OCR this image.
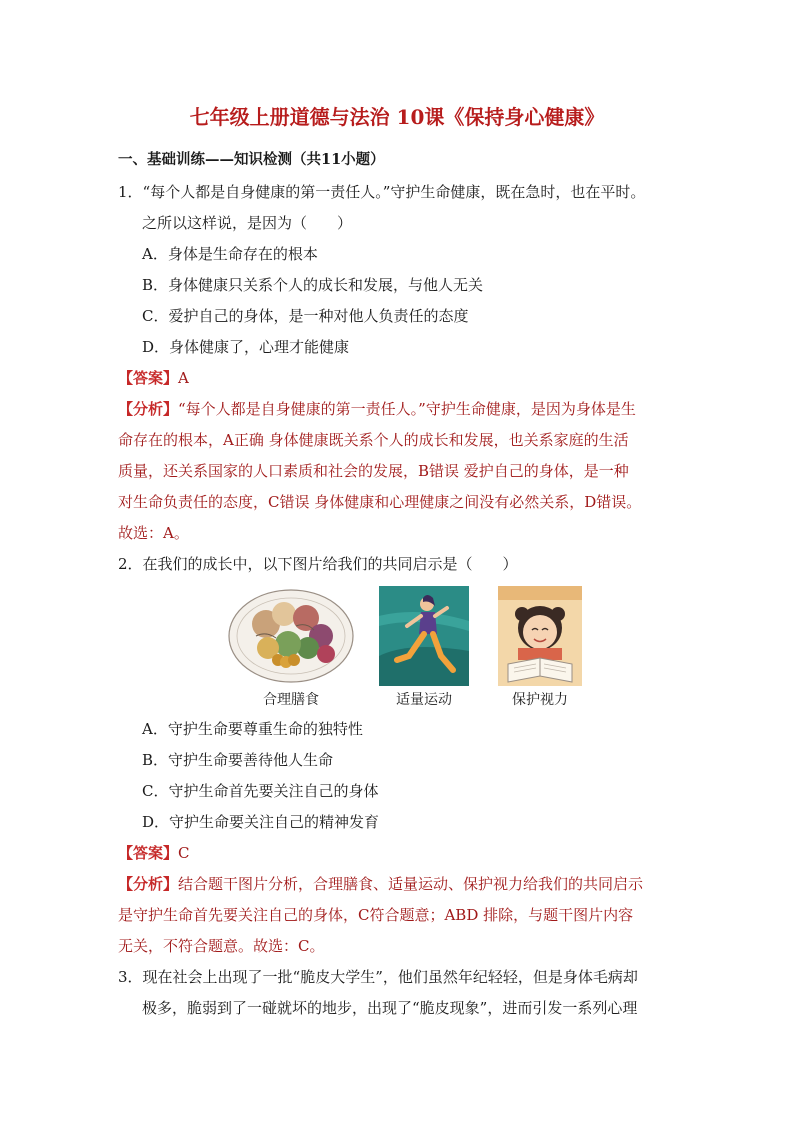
七年级上册道德与法治 10课《保持身心健康》
一、基础训练——知识检测（共11小题）
1．“每个人都是自身健康的第一责任人。”守护生命健康，既在急时，也在平时。
之所以这样说，是因为（　　）
A．身体是生命存在的根本
B．身体健康只关系个人的成长和发展，与他人无关
C．爱护自己的身体，是一种对他人负责任的态度
D．身体健康了，心理才能健康
【答案】A
【分析】“每个人都是自身健康的第一责任人。”守护生命健康，是因为身体是生
命存在的根本，A正确 身体健康既关系个人的成长和发展，也关系家庭的生活
质量，还关系国家的人口素质和社会的发展，B错误 爱护自己的身体，是一种
对生命负责任的态度，C错误 身体健康和心理健康之间没有必然关系，D错误。
故选：A。
2．在我们的成长中，以下图片给我们的共同启示是（　　）
合理膳食	适量运动	保护视力
A．守护生命要尊重生命的独特性
B．守护生命要善待他人生命
C．守护生命首先要关注自己的身体
D．守护生命要关注自己的精神发育
【答案】C
【分析】结合题干图片分析，合理膳食、适量运动、保护视力给我们的共同启示
是守护生命首先要关注自己的身体，C符合题意；ABD 排除，与题干图片内容
无关，不符合题意。故选：C。
3．现在社会上出现了一批“脆皮大学生”，他们虽然年纪轻轻，但是身体毛病却
极多，脆弱到了一碰就坏的地步，出现了“脆皮现象”，进而引发一系列心理
